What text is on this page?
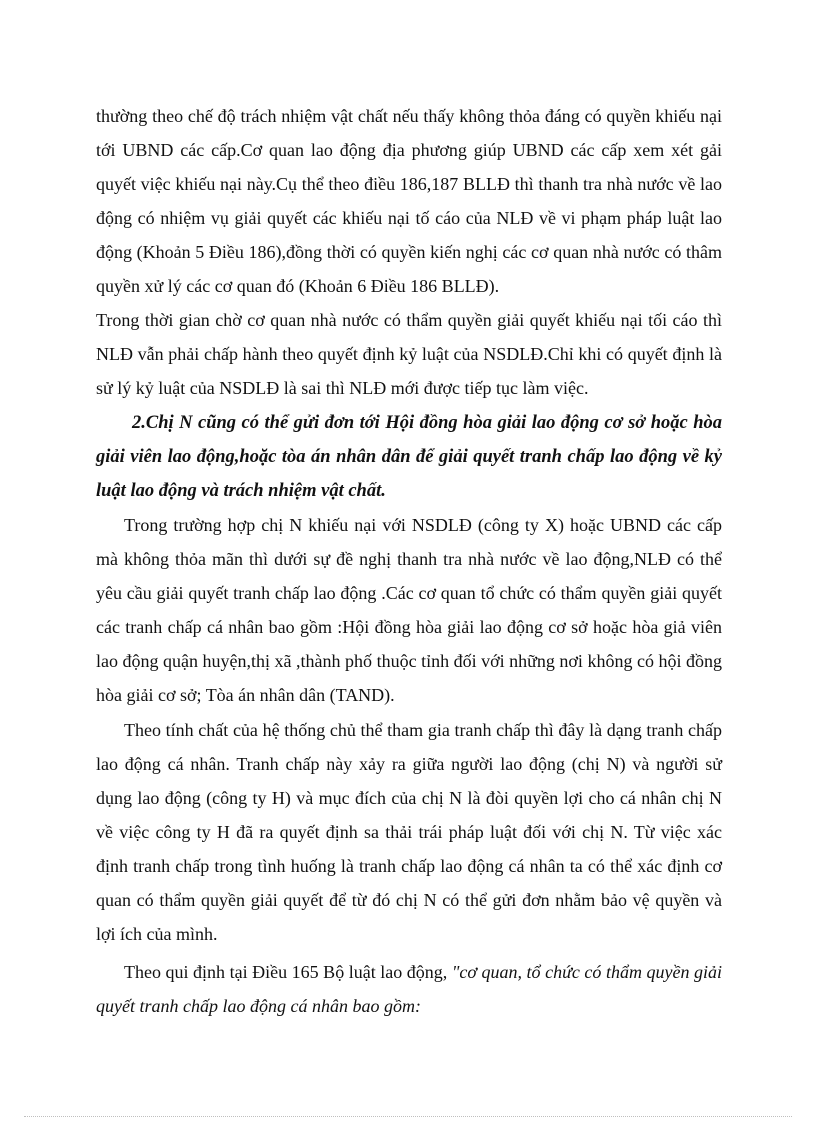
thường theo chế độ trách nhiệm vật chất nếu thấy không thỏa đáng có quyền khiếu nại tới UBND các cấp.Cơ quan lao động địa phương giúp UBND các cấp xem xét gải quyết việc khiếu nại này.Cụ thể theo điều 186,187 BLLĐ thì thanh tra nhà nước về lao động có nhiệm vụ giải quyết các khiếu nại tố cáo của NLĐ về vi phạm pháp luật lao động (Khoản 5 Điều 186),đồng thời có quyền kiến nghị các cơ quan nhà nước có thâm quyền xử lý các cơ quan đó (Khoản 6 Điều 186 BLLĐ).

Trong thời gian chờ cơ quan nhà nước có thẩm quyền giải quyết khiếu nại tối cáo thì NLĐ vẫn phải chấp hành theo quyết định kỷ luật của NSDLĐ.Chỉ khi có quyết định là sử lý kỷ luật của NSDLĐ là sai thì NLĐ mới được tiếp tục làm việc.

2.Chị N cũng có thể gửi đơn tới Hội đồng hòa giải lao động cơ sở hoặc hòa giải viên lao động,hoặc tòa án nhân dân để giải quyết tranh chấp lao động về kỷ luật lao động và trách nhiệm vật chất.

Trong trường hợp chị N khiếu nại với NSDLĐ (công ty X) hoặc UBND các cấp mà không thỏa mãn thì dưới sự đề nghị thanh tra nhà nước về lao động,NLĐ có thể yêu cầu giải quyết tranh chấp lao động .Các cơ quan tổ chức có thẩm quyền giải quyết các tranh chấp cá nhân bao gồm :Hội đồng hòa giải lao động cơ sở hoặc hòa giả viên lao động quận huyện,thị xã ,thành phố thuộc tỉnh đối với những nơi không có hội đồng hòa giải cơ sở; Tòa án nhân dân (TAND).

Theo tính chất của hệ thống chủ thể tham gia tranh chấp thì đây là dạng tranh chấp lao động cá nhân. Tranh chấp này xảy ra giữa người lao động (chị N) và người sử dụng lao động (công ty H) và mục đích của chị N là đòi quyền lợi cho cá nhân chị N về việc công ty H đã ra quyết định sa thải trái pháp luật đối với chị N. Từ việc xác định tranh chấp trong tình huống là tranh chấp lao động cá nhân ta có thể xác định cơ quan có thẩm quyền giải quyết để từ đó chị N có thể gửi đơn nhằm bảo vệ quyền và lợi ích của mình.

Theo qui định tại Điều 165 Bộ luật lao động, "cơ quan, tổ chức có thẩm quyền giải quyết tranh chấp lao động cá nhân bao gồm:
